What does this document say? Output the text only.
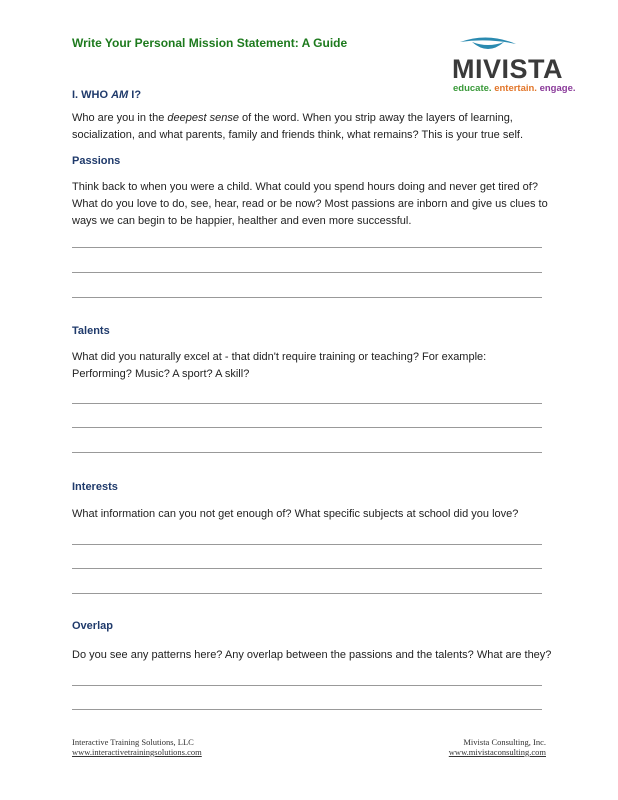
Write Your Personal Mission Statement: A Guide
MIVISTA
educate. entertain. engage.
I. WHO AM I?
Who are you in the deepest sense of the word. When you strip away the layers of learning, socialization, and what parents, family and friends think, what remains? This is your true self.
Passions
Think back to when you were a child. What could you spend hours doing and never get tired of? What do you love to do, see, hear, read or be now? Most passions are inborn and give us clues to ways we can begin to be happier, healther and even more successful.
Talents
What did you naturally excel at - that didn't require training or teaching? For example: Performing? Music? A sport? A skill?
Interests
What information can you not get enough of? What specific subjects at school did you love?
Overlap
Do you see any patterns here? Any overlap between the passions and the talents? What are they?
Interactive Training Solutions, LLC
www.interactivetrainingsolutions.com
Mivista Consulting, Inc.
www.mivistaconsulting.com
